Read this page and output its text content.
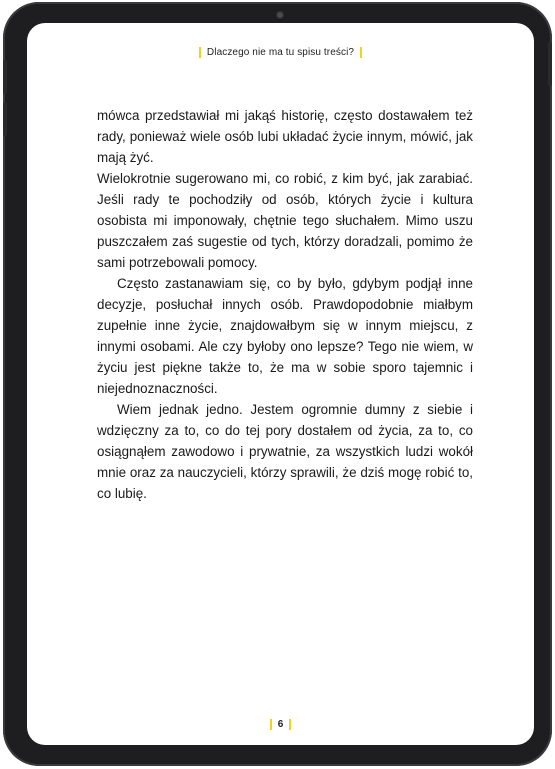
Dlaczego nie ma tu spisu treści?

mówca przedstawiał mi jakąś historię, często dostawałem też rady, ponieważ wiele osób lubi układać życie innym, mówić, jak mają żyć.

Wielokrotnie sugerowano mi, co robić, z kim być, jak zarabiać. Jeśli rady te pochodziły od osób, których życie i kultura osobista mi imponowały, chętnie tego słuchałem. Mimo uszu puszczałem zaś sugestie od tych, którzy doradzali, pomimo że sami potrzebowali pomocy.

Często zastanawiam się, co by było, gdybym podjął inne decyzje, posłuchał innych osób. Prawdopodobnie miałbym zupełnie inne życie, znajdowałbym się w innym miejscu, z innymi osobami. Ale czy byłoby ono lepsze? Tego nie wiem, w życiu jest piękne także to, że ma w sobie sporo tajemnic i niejednoznaczności.

Wiem jednak jedno. Jestem ogromnie dumny z siebie i wdzięczny za to, co do tej pory dostałem od życia, za to, co osiągnąłem zawodowo i prywatnie, za wszystkich ludzi wokół mnie oraz za nauczycieli, którzy sprawili, że dziś mogę robić to, co lubię.

6
